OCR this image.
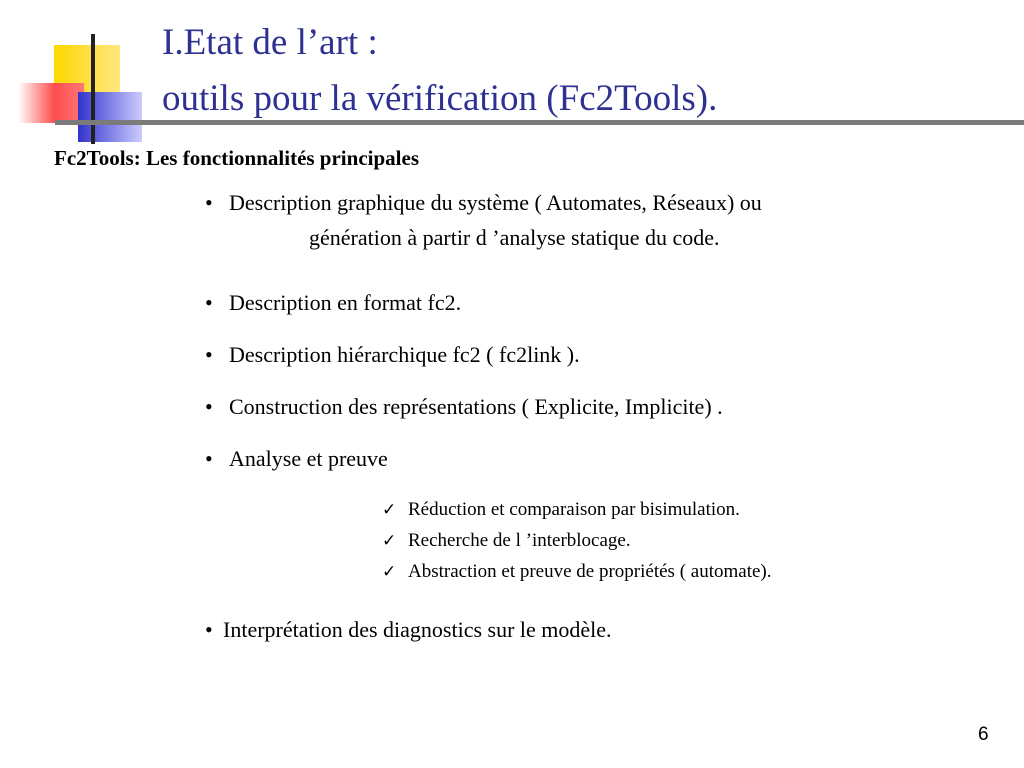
I.Etat de l’art :
outils pour la vérification (Fc2Tools).
Fc2Tools: Les fonctionnalités principales
• Description graphique du système ( Automates, Réseaux) ou
génération à partir d ’analyse statique du code.
• Description en format fc2.
• Description hiérarchique fc2 ( fc2link ).
• Construction des représentations ( Explicite, Implicite) .
• Analyse et preuve
✓ Réduction et comparaison par bisimulation.
✓ Recherche de l ’interblocage.
✓ Abstraction et preuve de propriétés ( automate).
• Interprétation des diagnostics sur le modèle.
6
